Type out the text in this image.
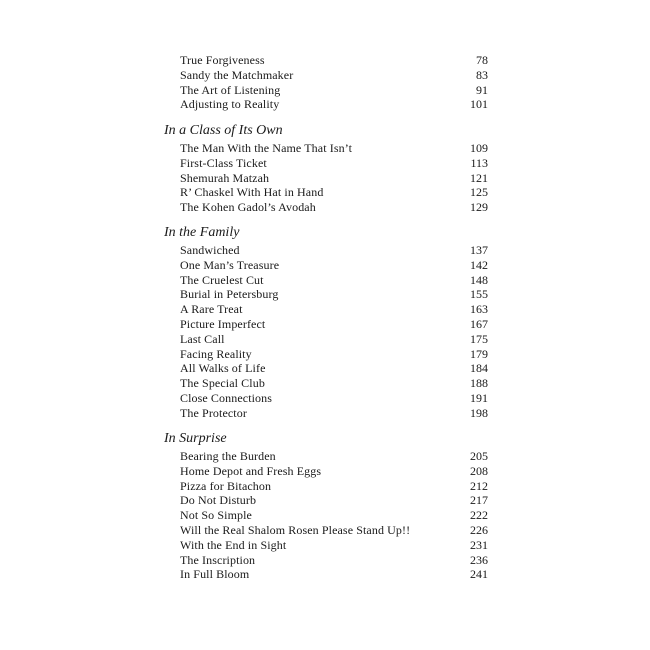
True Forgiveness	78
Sandy the Matchmaker	83
The Art of Listening	91
Adjusting to Reality	101
In a Class of Its Own
The Man With the Name That Isn’t	109
First-Class Ticket	113
Shemurah Matzah	121
R’ Chaskel With Hat in Hand	125
The Kohen Gadol’s Avodah	129
In the Family
Sandwiched	137
One Man’s Treasure	142
The Cruelest Cut	148
Burial in Petersburg	155
A Rare Treat	163
Picture Imperfect	167
Last Call	175
Facing Reality	179
All Walks of Life	184
The Special Club	188
Close Connections	191
The Protector	198
In Surprise
Bearing the Burden	205
Home Depot and Fresh Eggs	208
Pizza for Bitachon	212
Do Not Disturb	217
Not So Simple	222
Will the Real Shalom Rosen Please Stand Up!!	226
With the End in Sight	231
The Inscription	236
In Full Bloom	241
